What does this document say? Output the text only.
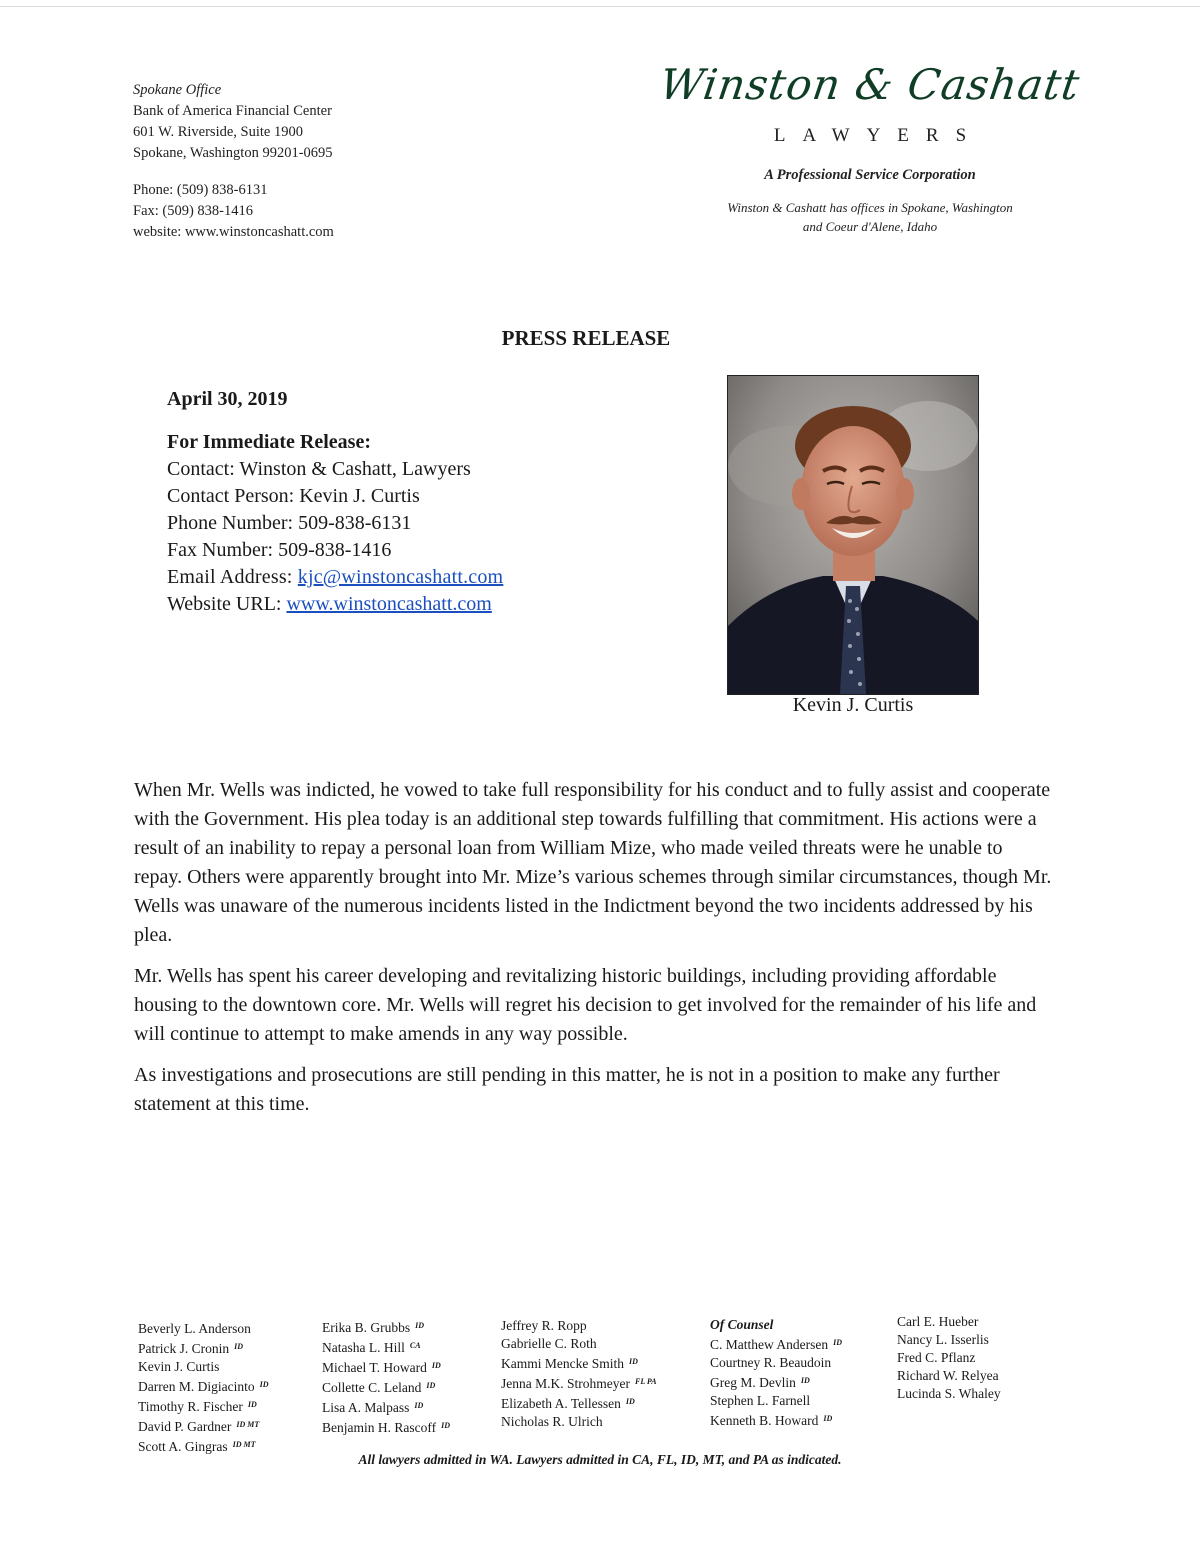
Spokane Office
Bank of America Financial Center
601 W. Riverside, Suite 1900
Spokane, Washington 99201-0695
Phone: (509) 838-6131
Fax: (509) 838-1416
website: www.winstoncashatt.com
Winston & Cashatt
LAWYERS
A Professional Service Corporation
Winston & Cashatt has offices in Spokane, Washington
and Coeur d'Alene, Idaho
PRESS RELEASE
April 30, 2019
For Immediate Release:
Contact: Winston & Cashatt, Lawyers
Contact Person: Kevin J. Curtis
Phone Number: 509-838-6131
Fax Number: 509-838-1416
Email Address: kjc@winstoncashatt.com
Website URL: www.winstoncashatt.com
Kevin J. Curtis

When Mr. Wells was indicted, he vowed to take full responsibility for his conduct and to fully assist and cooperate with the Government. His plea today is an additional step towards fulfilling that commitment. His actions were a result of an inability to repay a personal loan from William Mize, who made veiled threats were he unable to repay. Others were apparently brought into Mr. Mize’s various schemes through similar circumstances, though Mr. Wells was unaware of the numerous incidents listed in the Indictment beyond the two incidents addressed by his plea.

Mr. Wells has spent his career developing and revitalizing historic buildings, including providing affordable housing to the downtown core. Mr. Wells will regret his decision to get involved for the remainder of his life and will continue to attempt to make amends in any way possible.

As investigations and prosecutions are still pending in this matter, he is not in a position to make any further statement at this time.

Beverly L. Anderson
Patrick J. Cronin $^{ID}$
Kevin J. Curtis
Darren M. Digiacinto $^{ID}$
Timothy R. Fischer $^{ID}$
David P. Gardner $^{ID MT}$
Scott A. Gingras $^{ID MT}$
Erika B. Grubbs $^{ID}$
Natasha L. Hill $^{CA}$
Michael T. Howard $^{ID}$
Collette C. Leland $^{ID}$
Lisa A. Malpass $^{ID}$
Benjamin H. Rascoff $^{ID}$
Jeffrey R. Ropp
Gabrielle C. Roth
Kammi Mencke Smith $^{ID}$
Jenna M.K. Strohmeyer $^{FL PA}$
Elizabeth A. Tellessen $^{ID}$
Nicholas R. Ulrich
Of Counsel
C. Matthew Andersen $^{ID}$
Courtney R. Beaudoin
Greg M. Devlin $^{ID}$
Stephen L. Farnell
Kenneth B. Howard $^{ID}$
Carl E. Hueber
Nancy L. Isserlis
Fred C. Pflanz
Richard W. Relyea
Lucinda S. Whaley
All lawyers admitted in WA. Lawyers admitted in CA, FL, ID, MT, and PA as indicated.
